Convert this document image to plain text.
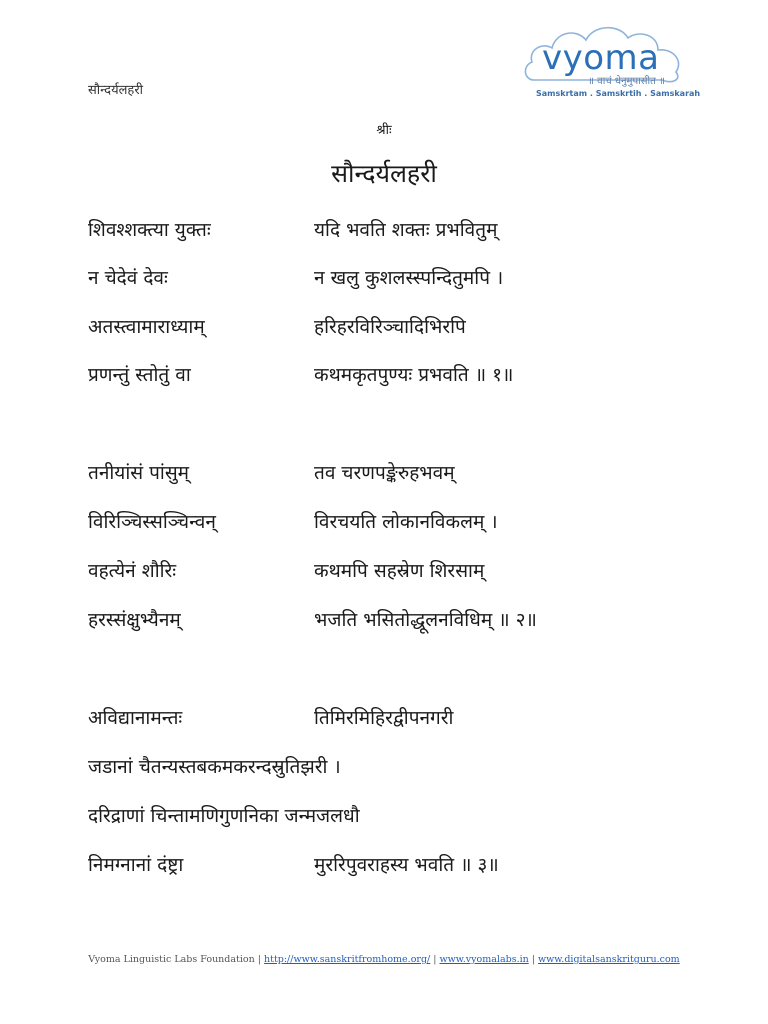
सौन्दर्यलहरी
vyoma
॥ वाचं धेनुमुपासीत ॥
Samskrtam . Samskrtih . Samskarah
श्रीः
सौन्दर्यलहरी
शिवश्शक्त्या युक्तः	यदि भवति शक्तः प्रभवितुम्
न चेदेवं देवः	न खलु कुशलस्स्पन्दितुमपि ।
अतस्त्वामाराध्याम्	हरिहरविरिञ्चादिभिरपि
प्रणन्तुं स्तोतुं वा	कथमकृतपुण्यः प्रभवति ॥ १॥
तनीयांसं पांसुम्	तव चरणपङ्केरुहभवम्
विरिञ्चिस्सञ्चिन्वन्	विरचयति लोकानविकलम् ।
वहत्येनं शौरिः	कथमपि सहस्रेण शिरसाम्
हरस्संक्षुभ्यैनम्	भजति भसितोद्धूलनविधिम् ॥ २॥
अविद्यानामन्तः	तिमिरमिहिरद्वीपनगरी
जडानां चैतन्यस्तबकमकरन्दस्रुतिझरी ।
दरिद्राणां चिन्तामणिगुणनिका जन्मजलधौ
निमग्नानां दंष्ट्रा	मुररिपुवराहस्य भवति ॥ ३॥
Vyoma Linguistic Labs Foundation | http://www.sanskritfromhome.org/ | www.vyomalabs.in | www.digitalsanskritguru.com
